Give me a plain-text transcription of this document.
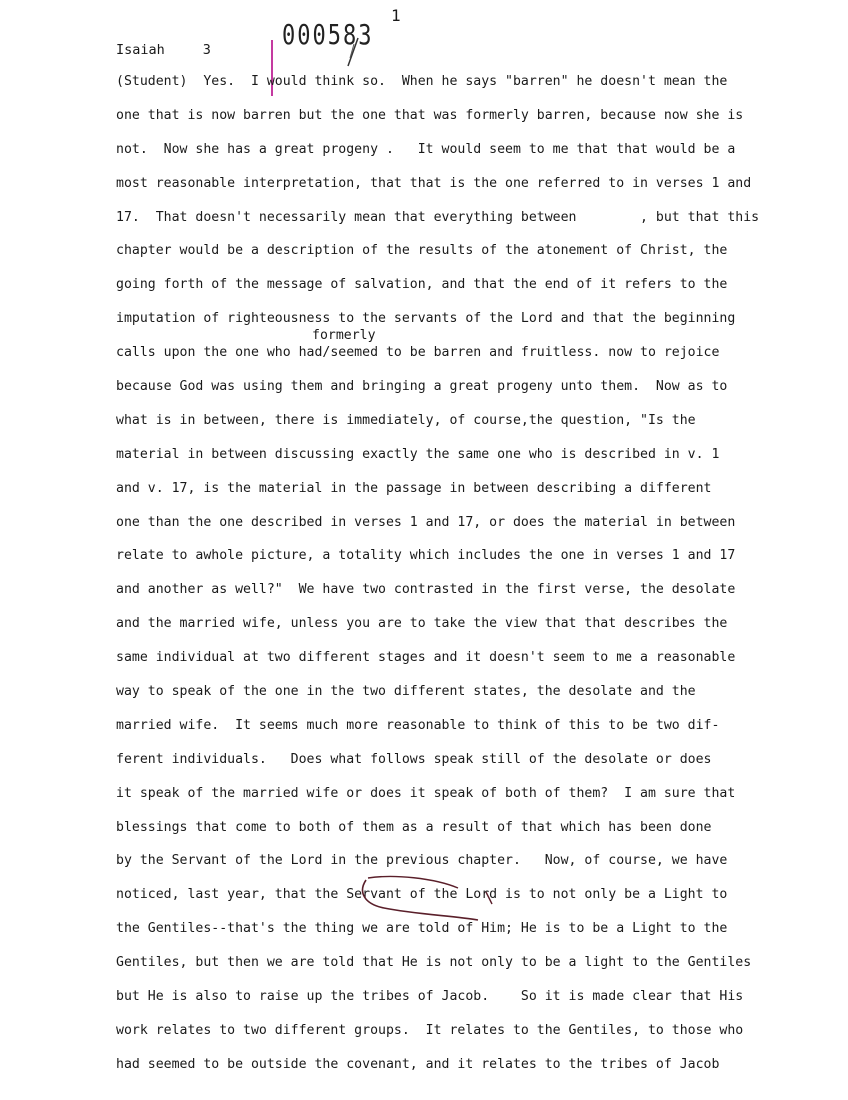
1
000583
Isaiah	3
formerly
(Student)  Yes.  I would think so.  When he says "barren" he doesn't mean the
one that is now barren but the one that was formerly barren, because now she is
not.  Now she has a great progeny .   It would seem to me that that would be a
most reasonable interpretation, that that is the one referred to in verses 1 and
17.  That doesn't necessarily mean that everything between        , but that this
chapter would be a description of the results of the atonement of Christ, the
going forth of the message of salvation, and that the end of it refers to the
imputation of righteousness to the servants of the Lord and that the beginning
calls upon the one who had/seemed to be barren and fruitless. now to rejoice
because God was using them and bringing a great progeny unto them.  Now as to
what is in between, there is immediately, of course,the question, "Is the
material in between discussing exactly the same one who is described in v. 1
and v. 17, is the material in the passage in between describing a different
one than the one described in verses 1 and 17, or does the material in between
relate to awhole picture, a totality which includes the one in verses 1 and 17
and another as well?"  We have two contrasted in the first verse, the desolate
and the married wife, unless you are to take the view that that describes the
same individual at two different stages and it doesn't seem to me a reasonable
way to speak of the one in the two different states, the desolate and the
married wife.  It seems much more reasonable to think of this to be two dif-
ferent individuals.   Does what follows speak still of the desolate or does
it speak of the married wife or does it speak of both of them?  I am sure that
blessings that come to both of them as a result of that which has been done
by the Servant of the Lord in the previous chapter.   Now, of course, we have
noticed, last year, that the Servant of the Lord is to not only be a Light to
the Gentiles--that's the thing we are told of Him; He is to be a Light to the
Gentiles, but then we are told that He is not only to be a light to the Gentiles
but He is also to raise up the tribes of Jacob.    So it is made clear that His
work relates to two different groups.  It relates to the Gentiles, to those who
had seemed to be outside the covenant, and it relates to the tribes of Jacob
